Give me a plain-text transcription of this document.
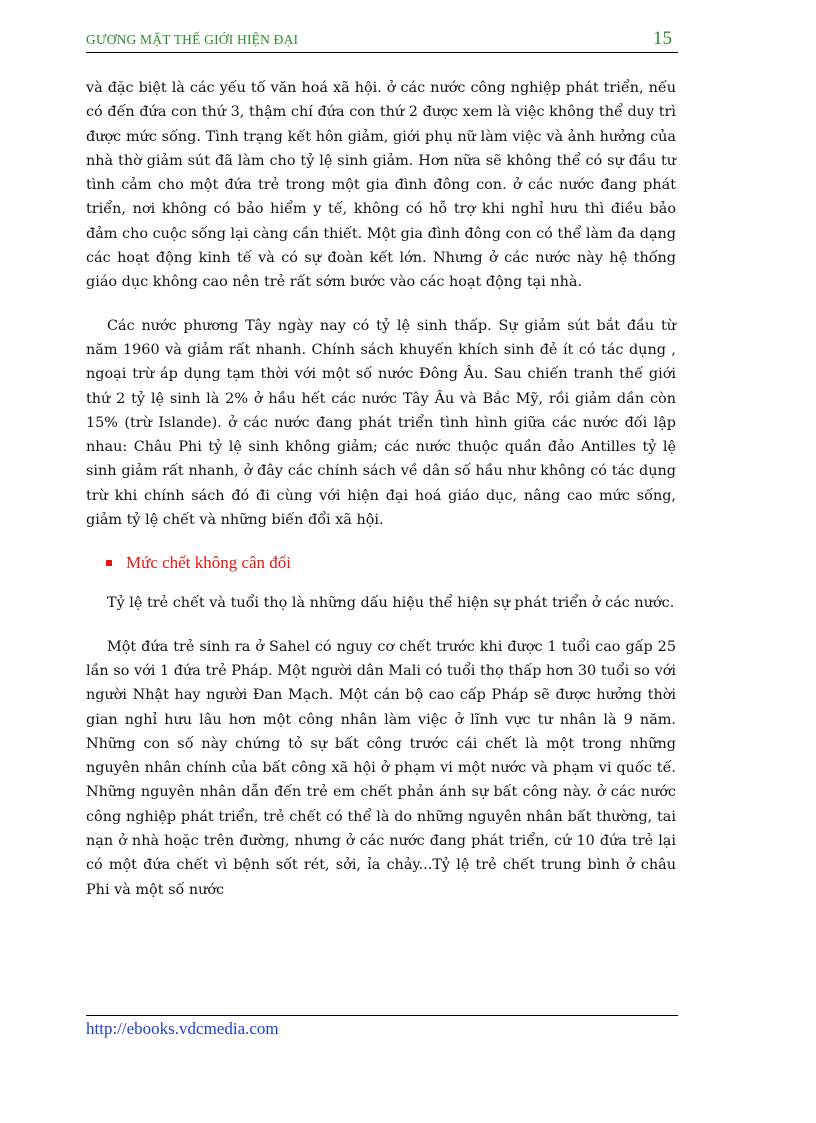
GƯƠNG MẶT THẾ GIỚI HIỆN ĐẠI	15

và đặc biệt là các yếu tố văn hoá xã hội. ở các nước công nghiệp phát triển, nếu có đến đứa con thứ 3, thậm chí đứa con thứ 2 được xem là việc không thể duy trì được mức sống. Tình trạng kết hôn giảm, giới phụ nữ làm việc và ảnh hưởng của nhà thờ giảm sút đã làm cho tỷ lệ sinh giảm. Hơn nữa sẽ không thể có sự đầu tư tình cảm cho một đứa trẻ trong một gia đình đông con. ở các nước đang phát triển, nơi không có bảo hiểm y tế, không có hỗ trợ khi nghỉ hưu thì điều bảo đảm cho cuộc sống lại càng cần thiết. Một gia đình đông con có thể làm đa dạng các hoạt động kinh tế và có sự đoàn kết lớn. Nhưng ở các nước này hệ thống giáo dục không cao nên trẻ rất sớm bước vào các hoạt động tại nhà.

Các nước phương Tây ngày nay có tỷ lệ sinh thấp. Sự giảm sút bắt đầu từ năm 1960 và giảm rất nhanh. Chính sách khuyến khích sinh đẻ ít có tác dụng , ngoại trừ áp dụng tạm thời với một số nước Đông Âu. Sau chiến tranh thế giới thứ 2 tỷ lệ sinh là 2% ở hầu hết các nước Tây Âu và Bắc Mỹ, rồi giảm dần còn 15% (trừ Islande). ở các nước đang phát triển tình hình giữa các nước đối lập nhau: Châu Phi tỷ lệ sinh không giảm; các nước thuộc quần đảo Antilles tỷ lệ sinh giảm rất nhanh, ở đây các chính sách về dân số hầu như không có tác dụng trừ khi chính sách đó đi cùng với hiện đại hoá giáo dục, nâng cao mức sống, giảm tỷ lệ chết và những biến đổi xã hội.

Mức chết không cân đối

Tỷ lệ trẻ chết và tuổi thọ là những dấu hiệu thể hiện sự phát triển ở các nước.

Một đứa trẻ sinh ra ở Sahel có nguy cơ chết trước khi được 1 tuổi cao gấp 25 lần so với 1 đứa trẻ Pháp. Một người dân Mali có tuổi thọ thấp hơn 30 tuổi so với người Nhật hay người Đan Mạch. Một cán bộ cao cấp Pháp sẽ được hưởng thời gian nghỉ hưu lâu hơn một công nhân làm việc ở lĩnh vực tư nhân là 9 năm. Những con số này chứng tỏ sự bất công trước cái chết là một trong những nguyên nhân chính của bất công xã hội ở phạm vi một nước và phạm vi quốc tế. Những nguyên nhân dẫn đến trẻ em chết phản ánh sự bất công này. ở các nước công nghiệp phát triển, trẻ chết có thể là do những nguyên nhân bất thường, tai nạn ở nhà hoặc trên đường, nhưng ở các nước đang phát triển, cứ 10 đứa trẻ lại có một đứa chết vì bệnh sốt rét, sởi, ỉa chảy...Tỷ lệ trẻ chết trung bình ở châu Phi và một số nước

http://ebooks.vdcmedia.com
